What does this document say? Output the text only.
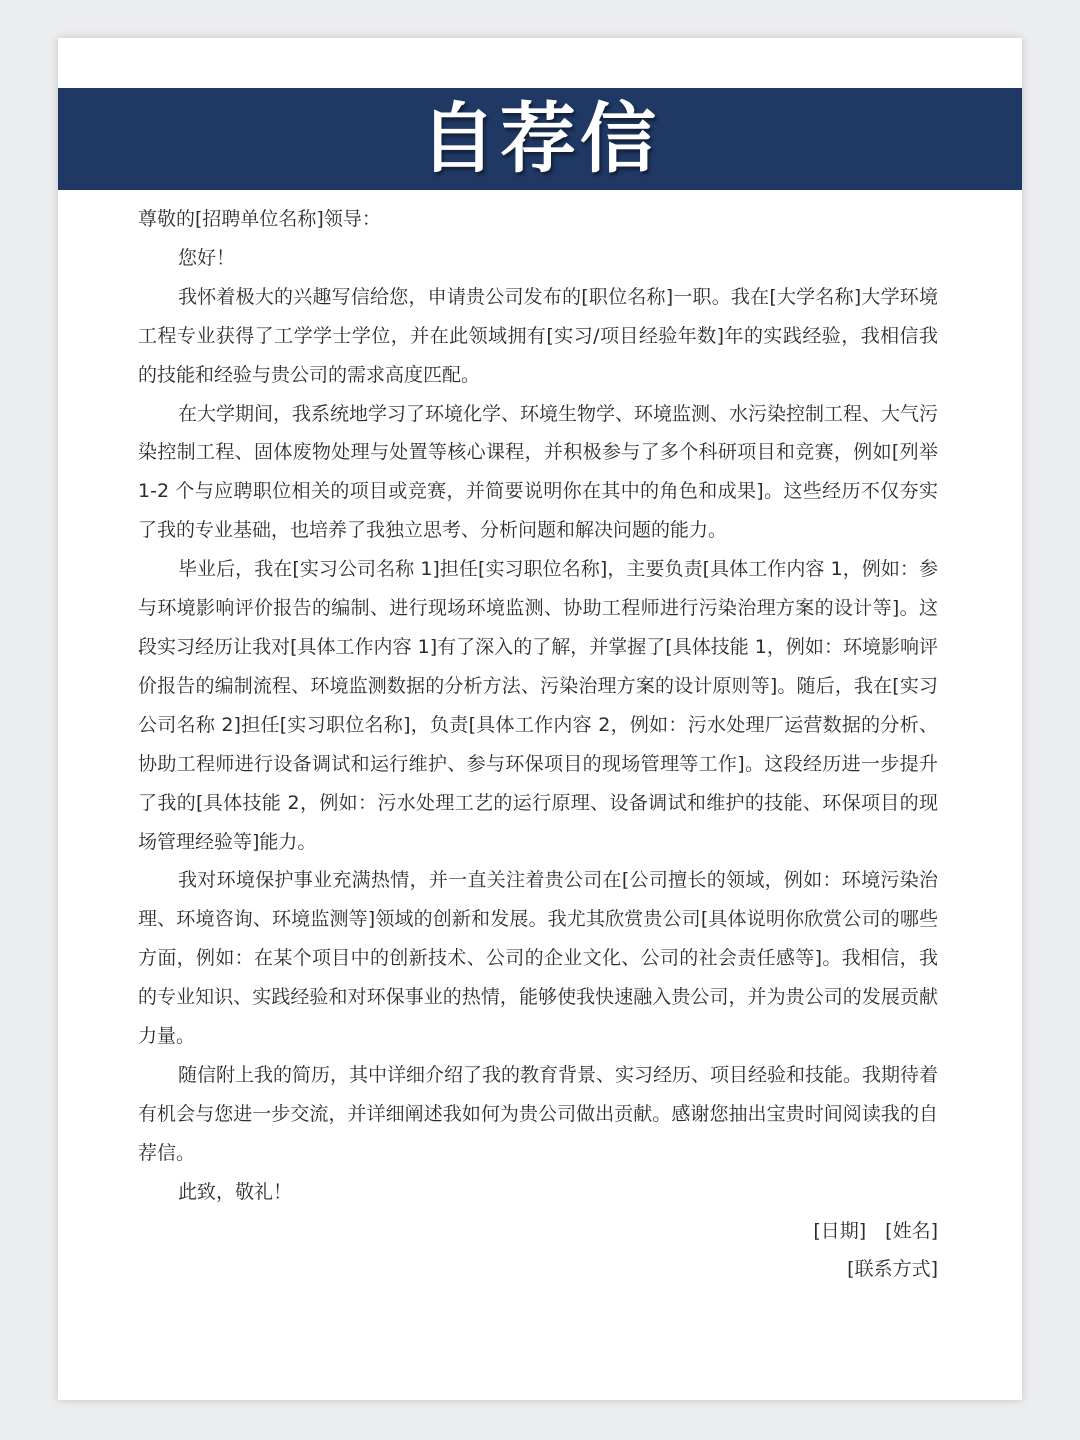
自荐信

尊敬的[招聘单位名称]领导：

您好！

我怀着极大的兴趣写信给您，申请贵公司发布的[职位名称]一职。我在[大学名称]大学环境工程专业获得了工学学士学位，并在此领域拥有[实习/项目经验年数]年的实践经验，我相信我的技能和经验与贵公司的需求高度匹配。

在大学期间，我系统地学习了环境化学、环境生物学、环境监测、水污染控制工程、大气污染控制工程、固体废物处理与处置等核心课程，并积极参与了多个科研项目和竞赛，例如[列举 1-2 个与应聘职位相关的项目或竞赛，并简要说明你在其中的角色和成果]。这些经历不仅夯实了我的专业基础，也培养了我独立思考、分析问题和解决问题的能力。

毕业后，我在[实习公司名称 1]担任[实习职位名称]，主要负责[具体工作内容 1，例如：参与环境影响评价报告的编制、进行现场环境监测、协助工程师进行污染治理方案的设计等]。这段实习经历让我对[具体工作内容 1]有了深入的了解，并掌握了[具体技能 1，例如：环境影响评价报告的编制流程、环境监测数据的分析方法、污染治理方案的设计原则等]。随后，我在[实习公司名称 2]担任[实习职位名称]，负责[具体工作内容 2，例如：污水处理厂运营数据的分析、协助工程师进行设备调试和运行维护、参与环保项目的现场管理等工作]。这段经历进一步提升了我的[具体技能 2，例如：污水处理工艺的运行原理、设备调试和维护的技能、环保项目的现场管理经验等]能力。

我对环境保护事业充满热情，并一直关注着贵公司在[公司擅长的领域，例如：环境污染治理、环境咨询、环境监测等]领域的创新和发展。我尤其欣赏贵公司[具体说明你欣赏公司的哪些方面，例如：在某个项目中的创新技术、公司的企业文化、公司的社会责任感等]。我相信，我的专业知识、实践经验和对环保事业的热情，能够使我快速融入贵公司，并为贵公司的发展贡献力量。

随信附上我的简历，其中详细介绍了我的教育背景、实习经历、项目经验和技能。我期待着有机会与您进一步交流，并详细阐述我如何为贵公司做出贡献。感谢您抽出宝贵时间阅读我的自荐信。

此致，敬礼！

[日期]　[姓名]

[联系方式]
